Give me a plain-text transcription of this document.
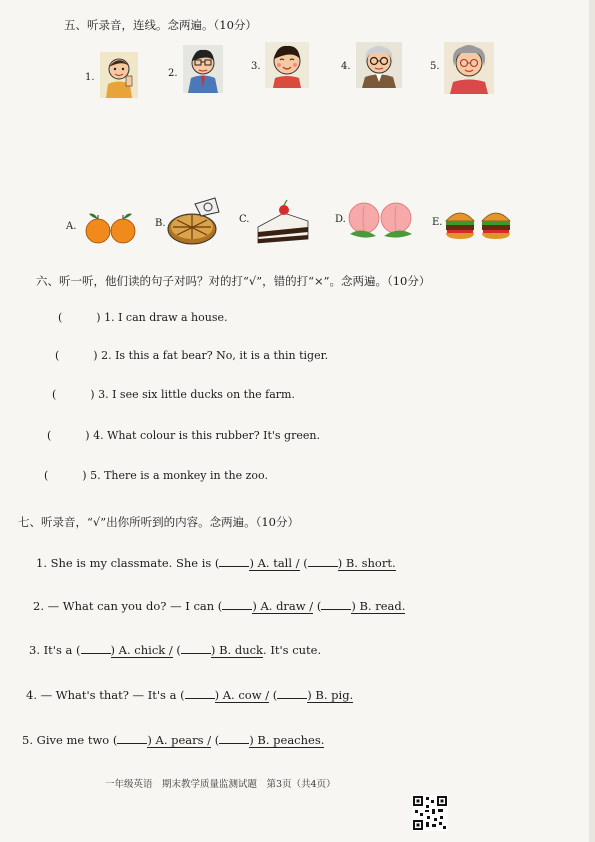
五、听录音，连线。念两遍。（10分）
1.	2.
3.	4.	5.
A.	B.	C.	D.	E.
六、听一听，他们读的句子对吗？对的打“√”，错的打“×”。念两遍。（10分）
(	) 1. I can draw a house.
(	) 2. Is this a fat bear? No, it is a thin tiger.
(	) 3. I see six little ducks on the farm.
(	) 4. What colour is this rubber? It's green.
(	) 5. There is a monkey in the zoo.
七、听录音，“√”出你所听到的内容。念两遍。（10分）
1. She is my classmate. She is (	) A. tall / (	) B. short.
2. — What can you do? — I can (	) A. draw / (	) B. read.
3. It's a (	) A. chick / (	) B. duck. It's cute.
4. — What's that? — It's a (	) A. cow / (	) B. pig.
5. Give me two (	) A. pears / (	) B. peaches.
一年级英语　期末教学质量监测试题　第3页（共4页）
